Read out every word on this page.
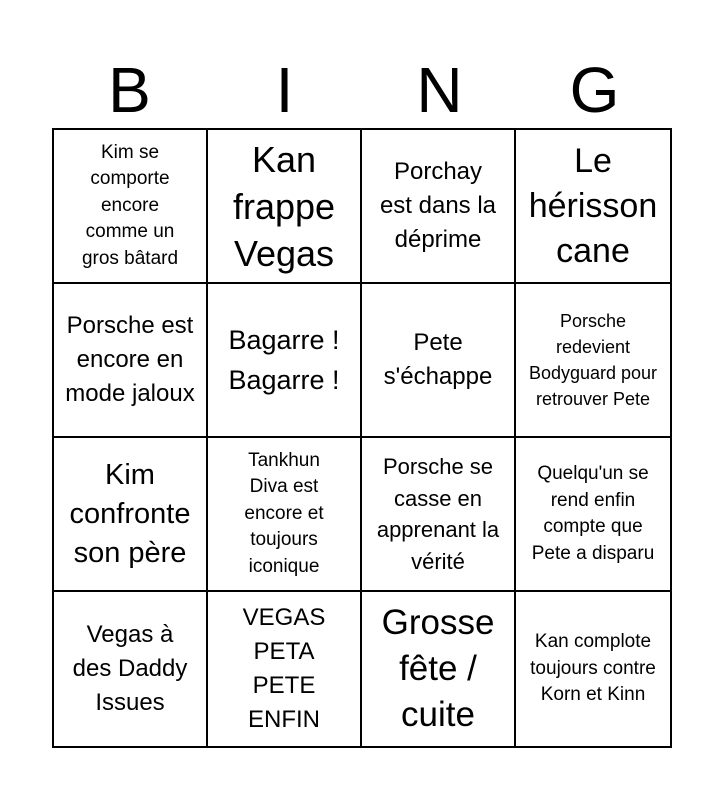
B	I	N	G
Kim se comporte encore comme un gros bâtard
Kan frappe Vegas
Porchay est dans la déprime
Le hérisson cane
Porsche est encore en mode jaloux
Bagarre ! Bagarre !
Pete s'échappe
Porsche redevient Bodyguard pour retrouver Pete
Kim confronte son père
Tankhun Diva est encore et toujours iconique
Porsche se casse en apprenant la vérité
Quelqu'un se rend enfin compte que Pete a disparu
Vegas à des Daddy Issues
VEGAS PETA PETE ENFIN
Grosse fête / cuite
Kan complote toujours contre Korn et Kinn
